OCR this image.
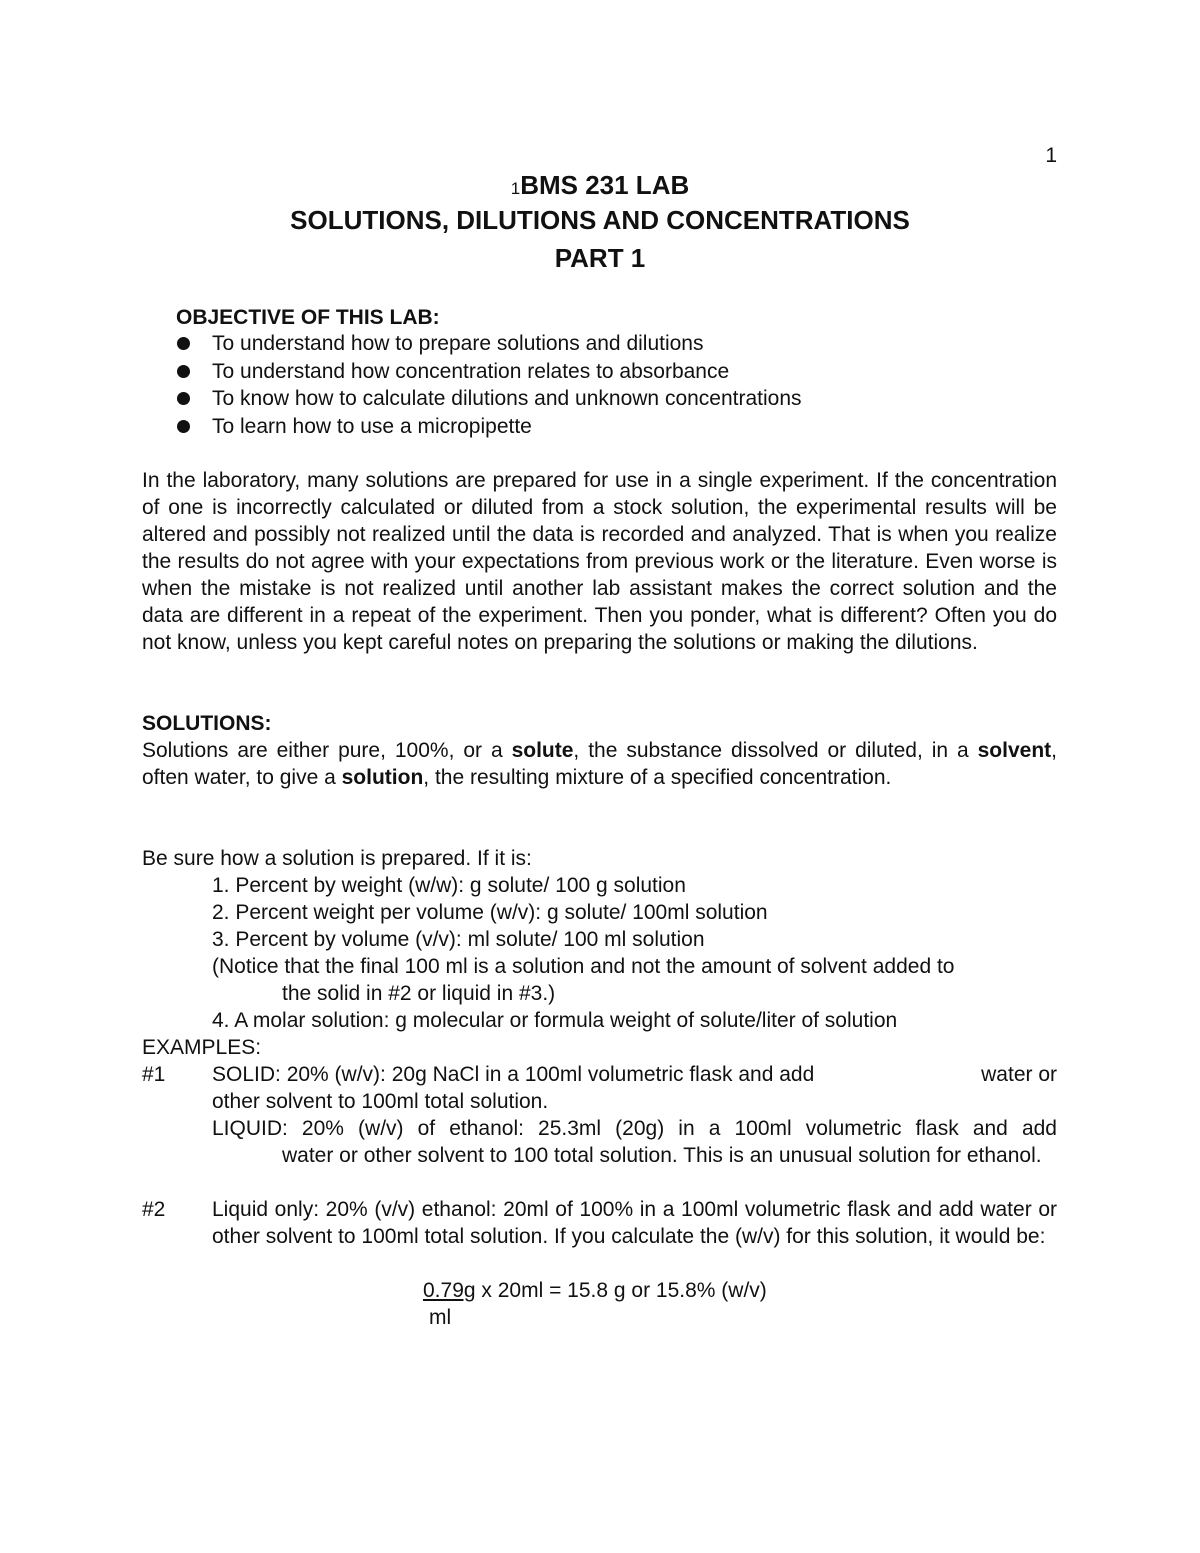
1
1BMS 231 LAB
SOLUTIONS, DILUTIONS AND CONCENTRATIONS
PART 1
OBJECTIVE OF THIS LAB:
To understand how to prepare solutions and dilutions
To understand how concentration relates to absorbance
To know how to calculate dilutions and unknown concentrations
To learn how to use a micropipette
In the laboratory, many solutions are prepared for use in a single experiment. If the concentration of one is incorrectly calculated or diluted from a stock solution, the experimental results will be altered and possibly not realized until the data is recorded and analyzed. That is when you realize the results do not agree with your expectations from previous work or the literature. Even worse is when the mistake is not realized until another lab assistant makes the correct solution and the data are different in a repeat of the experiment. Then you ponder, what is different? Often you do not know, unless you kept careful notes on preparing the solutions or making the dilutions.
SOLUTIONS:
Solutions are either pure, 100%, or a solute, the substance dissolved or diluted, in a solvent, often water, to give a solution, the resulting mixture of a specified concentration.
Be sure how a solution is prepared. If it is:
1. Percent by weight (w/w): g solute/ 100 g solution
2. Percent weight per volume (w/v): g solute/ 100ml solution
3. Percent by volume (v/v): ml solute/ 100 ml solution
(Notice that the final 100 ml is a solution and not the amount of solvent added to
the solid in #2 or liquid in #3.)
4. A molar solution: g molecular or formula weight of solute/liter of solution
EXAMPLES:
#1 SOLID: 20% (w/v): 20g NaCl in a 100ml volumetric flask and add	water or
other solvent to 100ml total solution.
LIQUID: 20% (w/v) of ethanol: 25.3ml (20g) in a 100ml volumetric flask and add
water or other solvent to 100 total solution. This is an unusual solution for ethanol.
#2 Liquid only: 20% (v/v) ethanol: 20ml of 100% in a 100ml volumetric flask and add water or other solvent to 100ml total solution. If you calculate the (w/v) for this solution, it would be:
0.79g x 20ml = 15.8 g or 15.8% (w/v)
ml
